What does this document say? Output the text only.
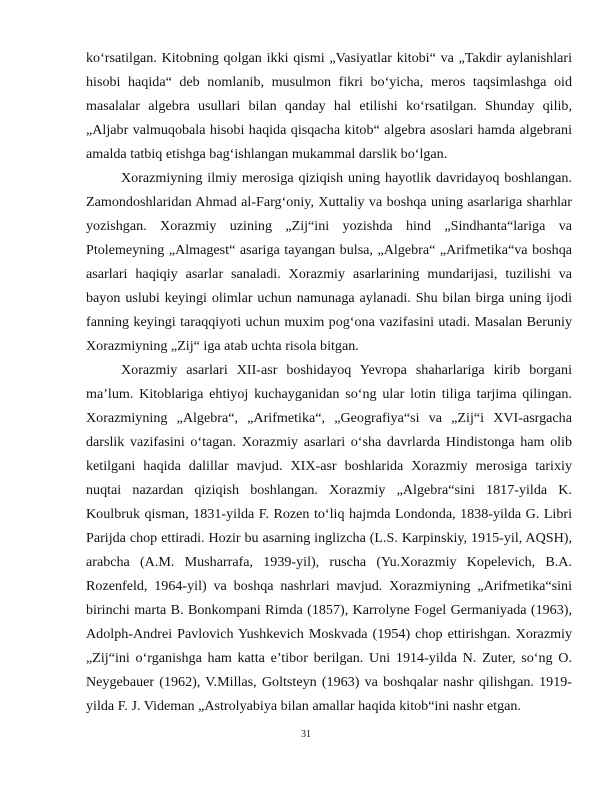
ko‘rsatilgan. Kitobning qolgan ikki qismi „Vasiyatlar kitobi“ va „Takdir aylanishlari hisobi haqida“ deb nomlanib, musulmon fikri bo‘yicha, meros taqsimlashga oid masalalar algebra usullari bilan qanday hal etilishi ko‘rsatilgan. Shunday qilib, „Aljabr valmuqobala hisobi haqida qisqacha kitob“ algebra asoslari hamda algebrani amalda tatbiq etishga bag‘ishlangan mukammal darslik bo‘lgan.

Xorazmiyning ilmiy merosiga qiziqish uning hayotlik davridayoq boshlangan. Zamondoshlaridan Ahmad al-Farg‘oniy, Xuttaliy va boshqa uning asarlariga sharhlar yozishgan. Xorazmiy uzining „Zij“ini yozishda hind „Sindhanta“lariga va Ptolemeyning „Almagest“ asariga tayangan bulsa, „Algebra“ „Arifmetika“va boshqa asarlari haqiqiy asarlar sanaladi. Xorazmiy asarlarining mundarijasi, tuzilishi va bayon uslubi keyingi olimlar uchun namunaga aylanadi. Shu bilan birga uning ijodi fanning keyingi taraqqiyoti uchun muxim pog‘ona vazifasini utadi. Masalan Beruniy Xorazmiyning „Zij“ iga atab uchta risola bitgan.

Xorazmiy asarlari XII-asr boshidayoq Yevropa shaharlariga kirib borgani ma’lum. Kitoblariga ehtiyoj kuchayganidan so‘ng ular lotin tiliga tarjima qilingan. Xorazmiyning „Algebra“, „Arifmetika“, „Geografiya“si va „Zij“i XVI-asrgacha darslik vazifasini o‘tagan. Xorazmiy asarlari o‘sha davrlarda Hindistonga ham olib ketilgani haqida dalillar mavjud. XIX-asr boshlarida Xorazmiy merosiga tarixiy nuqtai nazardan qiziqish boshlangan. Xorazmiy „Algebra“sini 1817-yilda K. Koulbruk qisman, 1831-yilda F. Rozen to‘liq hajmda Londonda, 1838-yilda G. Libri Parijda chop ettiradi. Hozir bu asarning inglizcha (L.S. Karpinskiy, 1915-yil, AQSH), arabcha (A.M. Musharrafa, 1939-yil), ruscha (Yu.Xorazmiy Kopelevich, B.A. Rozenfeld, 1964-yil) va boshqa nashrlari mavjud. Xorazmiyning „Arifmetika“sini birinchi marta B. Bonkompani Rimda (1857), Karrolyne Fogel Germaniyada (1963), Adolph-Andrei Pavlovich Yushkevich Moskvada (1954) chop ettirishgan. Xorazmiy „Zij“ini o‘rganishga ham katta e’tibor berilgan. Uni 1914-yilda N. Zuter, so‘ng O. Neygebauer (1962), V.Millas, Goltsteyn (1963) va boshqalar nashr qilishgan. 1919-yilda F. J. Videman „Astrolyabiya bilan amallar haqida kitob“ini nashr etgan.

31
